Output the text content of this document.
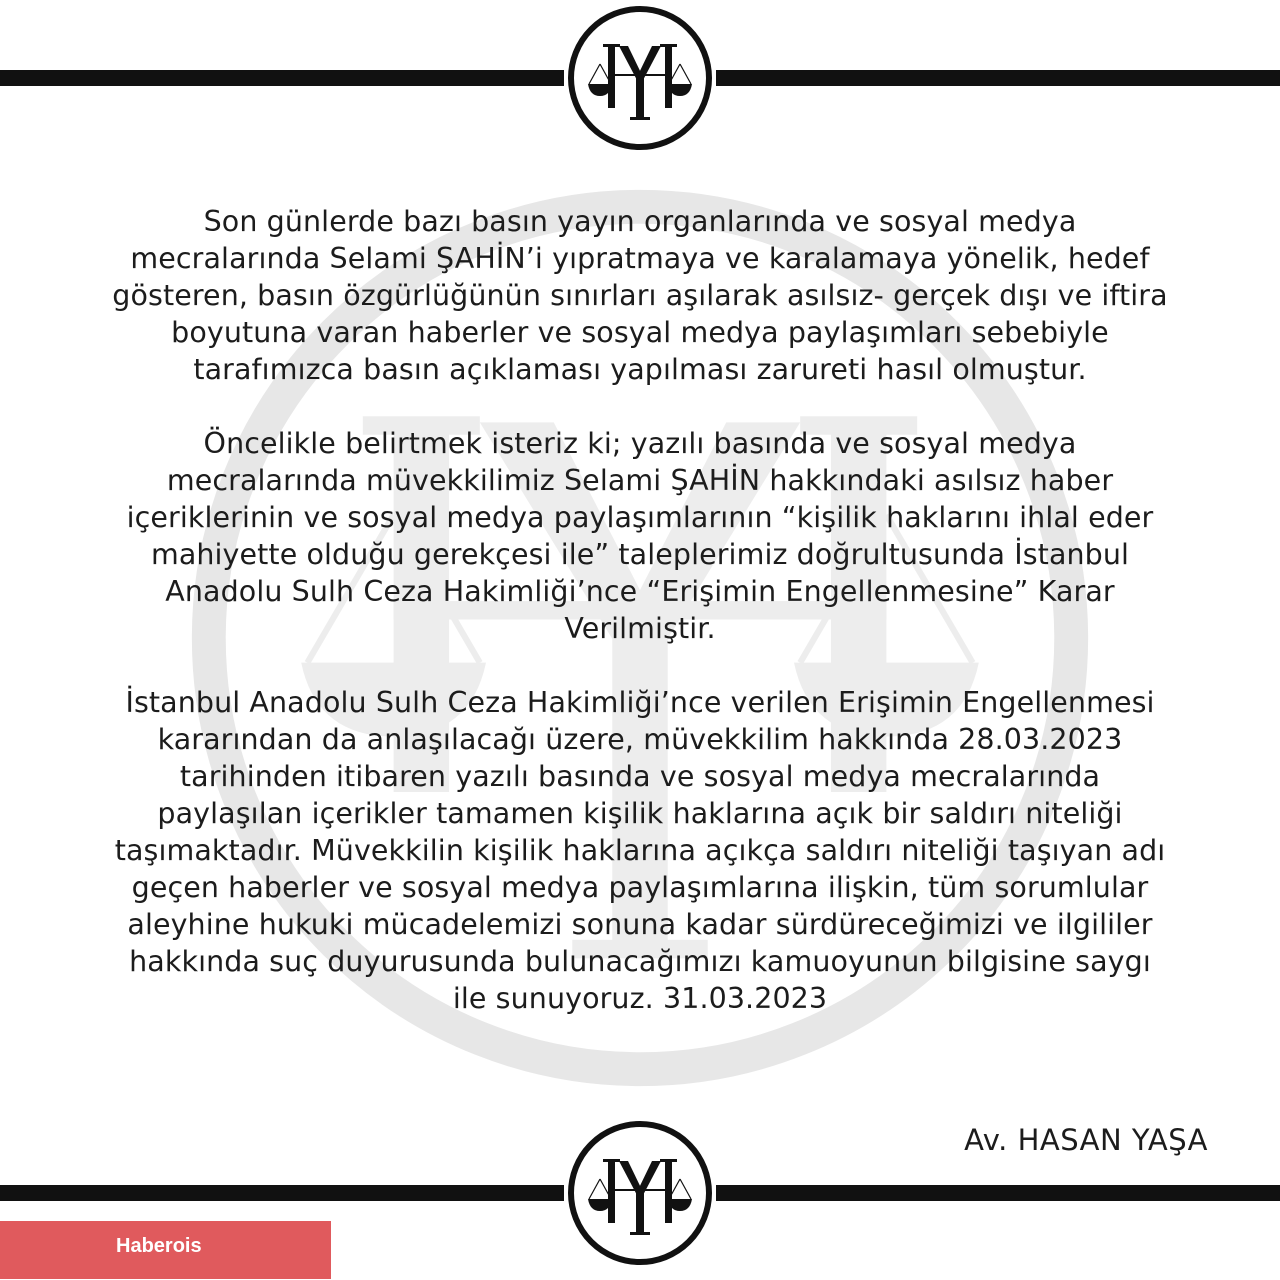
Son günlerde bazı basın yayın organlarında ve sosyal medya
mecralarında Selami ŞAHİN’i yıpratmaya ve karalamaya yönelik, hedef
gösteren, basın özgürlüğünün sınırları aşılarak asılsız- gerçek dışı ve iftira
boyutuna varan haberler ve sosyal medya paylaşımları sebebiyle
tarafımızca basın açıklaması yapılması zarureti hasıl olmuştur.

Öncelikle belirtmek isteriz ki; yazılı basında ve sosyal medya
mecralarında müvekkilimiz Selami ŞAHİN hakkındaki asılsız haber
içeriklerinin ve sosyal medya paylaşımlarının “kişilik haklarını ihlal eder
mahiyette olduğu gerekçesi ile” taleplerimiz doğrultusunda İstanbul
Anadolu Sulh Ceza Hakimliği’nce “Erişimin Engellenmesine” Karar
Verilmiştir.

İstanbul Anadolu Sulh Ceza Hakimliği’nce verilen Erişimin Engellenmesi
kararından da anlaşılacağı üzere, müvekkilim hakkında 28.03.2023
tarihinden itibaren yazılı basında ve sosyal medya mecralarında
paylaşılan içerikler tamamen kişilik haklarına açık bir saldırı niteliği
taşımaktadır. Müvekkilin kişilik haklarına açıkça saldırı niteliği taşıyan adı
geçen haberler ve sosyal medya paylaşımlarına ilişkin, tüm sorumlular
aleyhine hukuki mücadelemizi sonuna kadar sürdüreceğimizi ve ilgililer
hakkında suç duyurusunda bulunacağımızı kamuoyunun bilgisine saygı
ile sunuyoruz. 31.03.2023

Av. HASAN YAŞA
Haberois
